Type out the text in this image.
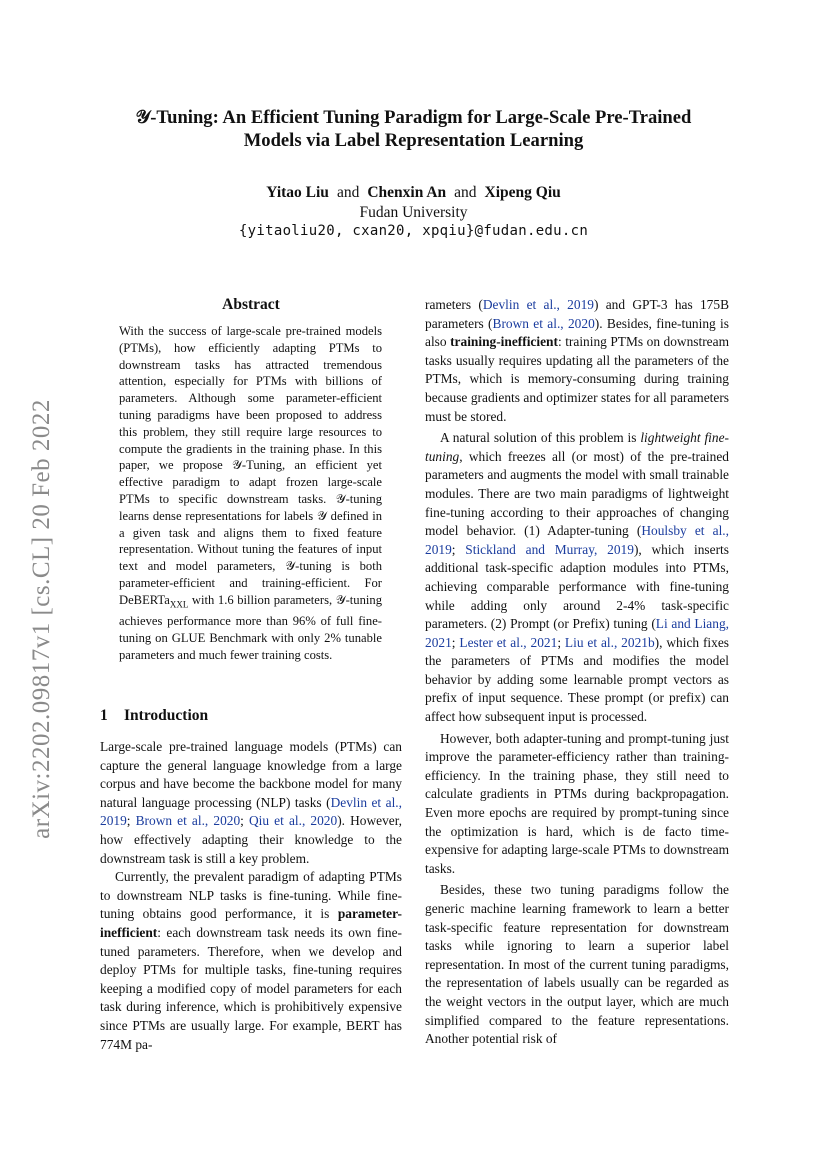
arXiv:2202.09817v1 [cs.CL] 20 Feb 2022
𝒴-Tuning: An Efficient Tuning Paradigm for Large-Scale Pre-Trained
Models via Label Representation Learning
Yitao Liu and Chenxin An and Xipeng Qiu
Fudan University
{yitaoliu20, cxan20, xpqiu}@fudan.edu.cn
Abstract

With the success of large-scale pre-trained models (PTMs), how efficiently adapting PTMs to downstream tasks has attracted tremendous attention, especially for PTMs with billions of parameters. Although some parameter-efficient tuning paradigms have been proposed to address this problem, they still require large resources to compute the gradients in the training phase. In this paper, we propose 𝒴-Tuning, an efficient yet effective paradigm to adapt frozen large-scale PTMs to specific downstream tasks. 𝒴-tuning learns dense representations for labels 𝒴 defined in a given task and aligns them to fixed feature representation. Without tuning the features of input text and model parameters, 𝒴-tuning is both parameter-efficient and training-efficient. For DeBERTa$_{XXL}$ with 1.6 billion parameters, 𝒴-tuning achieves performance more than 96% of full fine-tuning on GLUE Benchmark with only 2% tunable parameters and much fewer training costs.

1 Introduction

Large-scale pre-trained language models (PTMs) can capture the general language knowledge from a large corpus and have become the backbone model for many natural language processing (NLP) tasks (Devlin et al., 2019; Brown et al., 2020; Qiu et al., 2020). However, how effectively adapting their knowledge to the downstream task is still a key problem.

Currently, the prevalent paradigm of adapting PTMs to downstream NLP tasks is fine-tuning. While fine-tuning obtains good performance, it is parameter-inefficient: each downstream task needs its own fine-tuned parameters. Therefore, when we develop and deploy PTMs for multiple tasks, fine-tuning requires keeping a modified copy of model parameters for each task during inference, which is prohibitively expensive since PTMs are usually large. For example, BERT has 774M pa-

rameters (Devlin et al., 2019) and GPT-3 has 175B parameters (Brown et al., 2020). Besides, fine-tuning is also training-inefficient: training PTMs on downstream tasks usually requires updating all the parameters of the PTMs, which is memory-consuming during training because gradients and optimizer states for all parameters must be stored.

A natural solution of this problem is lightweight fine-tuning, which freezes all (or most) of the pre-trained parameters and augments the model with small trainable modules. There are two main paradigms of lightweight fine-tuning according to their approaches of changing model behavior. (1) Adapter-tuning (Houlsby et al., 2019; Stickland and Murray, 2019), which inserts additional task-specific adaption modules into PTMs, achieving comparable performance with fine-tuning while adding only around 2-4% task-specific parameters. (2) Prompt (or Prefix) tuning (Li and Liang, 2021; Lester et al., 2021; Liu et al., 2021b), which fixes the parameters of PTMs and modifies the model behavior by adding some learnable prompt vectors as prefix of input sequence. These prompt (or prefix) can affect how subsequent input is processed.

However, both adapter-tuning and prompt-tuning just improve the parameter-efficiency rather than training-efficiency. In the training phase, they still need to calculate gradients in PTMs during backpropagation. Even more epochs are required by prompt-tuning since the optimization is hard, which is de facto time-expensive for adapting large-scale PTMs to downstream tasks.

Besides, these two tuning paradigms follow the generic machine learning framework to learn a better task-specific feature representation for downstream tasks while ignoring to learn a superior label representation. In most of the current tuning paradigms, the representation of labels usually can be regarded as the weight vectors in the output layer, which are much simplified compared to the feature representations. Another potential risk of
